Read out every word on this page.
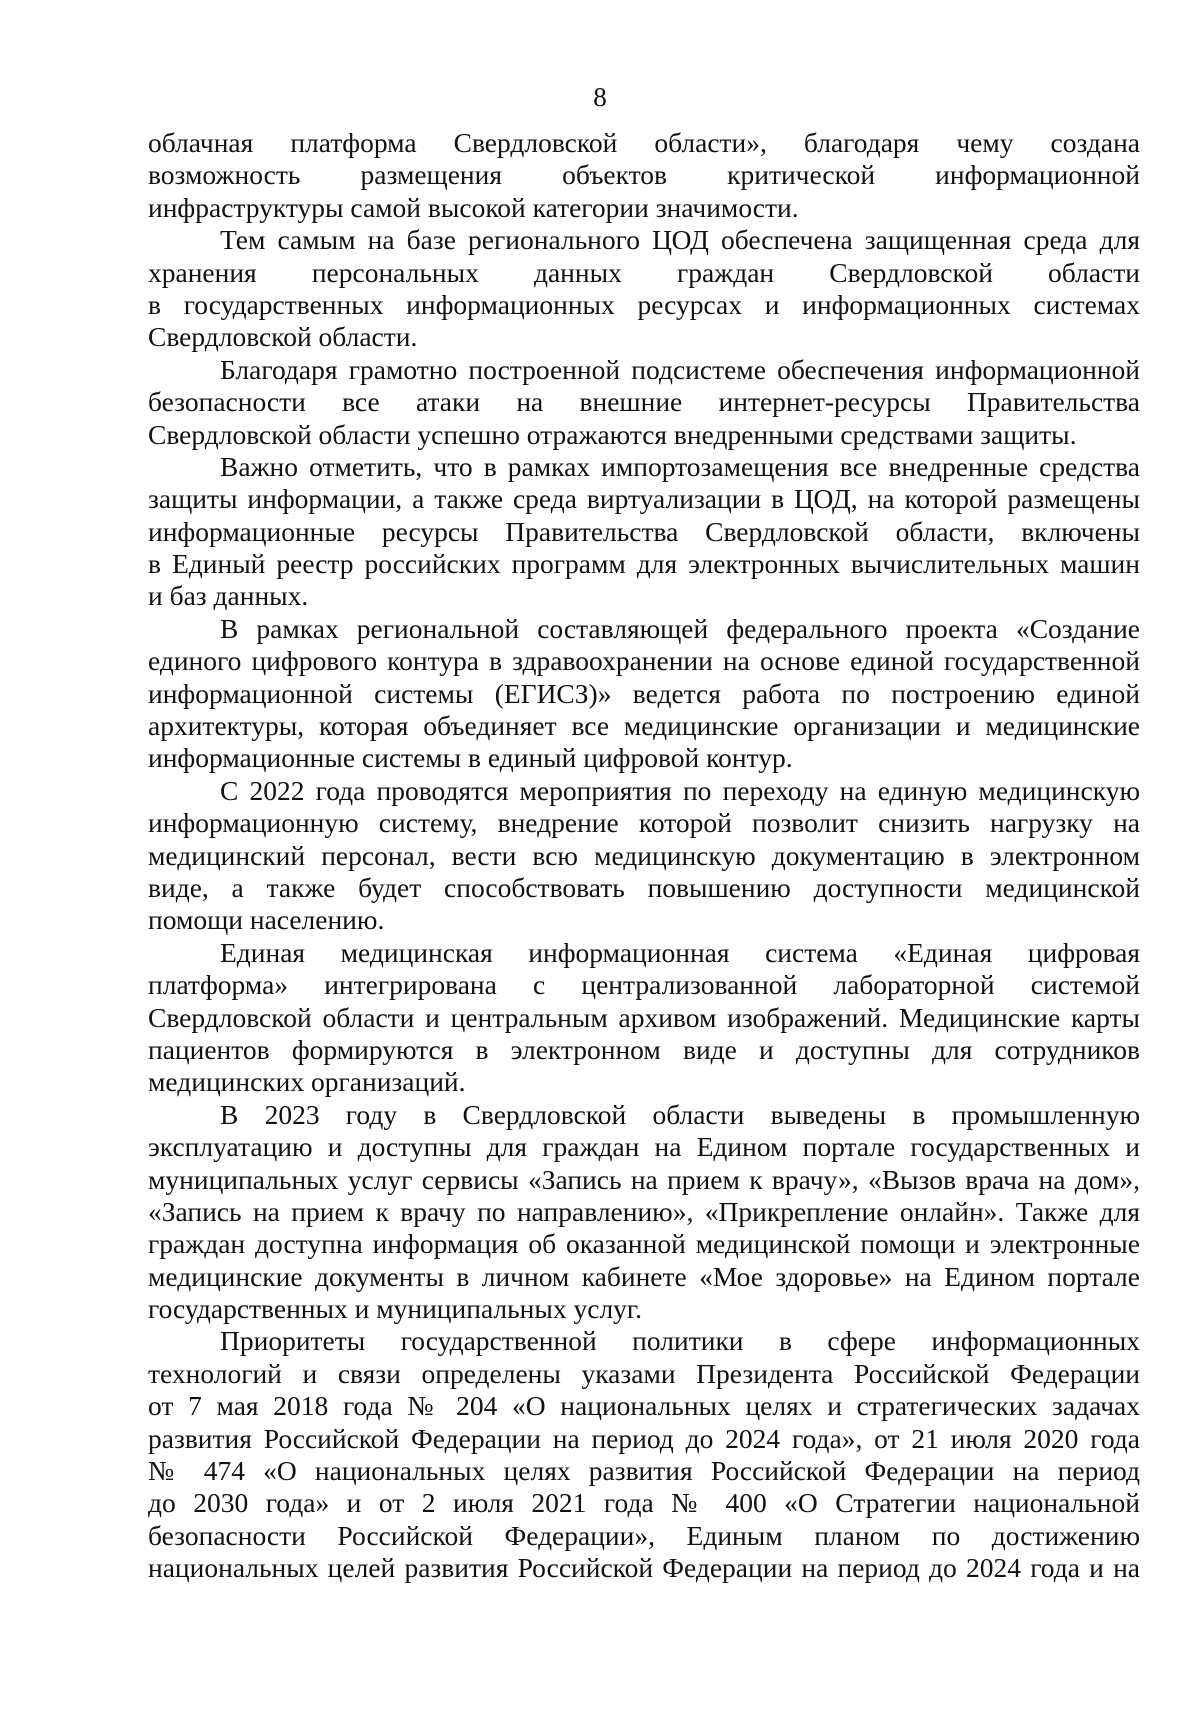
8
облачная платформа Свердловской области», благодаря чему создана
возможность размещения объектов критической информационной
инфраструктуры самой высокой категории значимости.
Тем самым на базе регионального ЦОД обеспечена защищенная среда для
хранения персональных данных граждан Свердловской области
в государственных информационных ресурсах и информационных системах
Свердловской области.
Благодаря грамотно построенной подсистеме обеспечения информационной
безопасности все атаки на внешние интернет-ресурсы Правительства
Свердловской области успешно отражаются внедренными средствами защиты.
Важно отметить, что в рамках импортозамещения все внедренные средства
защиты информации, а также среда виртуализации в ЦОД, на которой размещены
информационные ресурсы Правительства Свердловской области, включены
в Единый реестр российских программ для электронных вычислительных машин
и баз данных.
В рамках региональной составляющей федерального проекта «Создание
единого цифрового контура в здравоохранении на основе единой государственной
информационной системы (ЕГИСЗ)» ведется работа по построению единой
архитектуры, которая объединяет все медицинские организации и медицинские
информационные системы в единый цифровой контур.
С 2022 года проводятся мероприятия по переходу на единую медицинскую
информационную систему, внедрение которой позволит снизить нагрузку на
медицинский персонал, вести всю медицинскую документацию в электронном
виде, а также будет способствовать повышению доступности медицинской
помощи населению.
Единая медицинская информационная система «Единая цифровая
платформа» интегрирована с централизованной лабораторной системой
Свердловской области и центральным архивом изображений. Медицинские карты
пациентов формируются в электронном виде и доступны для сотрудников
медицинских организаций.
В 2023 году в Свердловской области выведены в промышленную
эксплуатацию и доступны для граждан на Едином портале государственных и
муниципальных услуг сервисы «Запись на прием к врачу», «Вызов врача на дом»,
«Запись на прием к врачу по направлению», «Прикрепление онлайн». Также для
граждан доступна информация об оказанной медицинской помощи и электронные
медицинские документы в личном кабинете «Мое здоровье» на Едином портале
государственных и муниципальных услуг.
Приоритеты государственной политики в сфере информационных
технологий и связи определены указами Президента Российской Федерации
от 7 мая 2018 года № 204 «О национальных целях и стратегических задачах
развития Российской Федерации на период до 2024 года», от 21 июля 2020 года
№ 474 «О национальных целях развития Российской Федерации на период
до 2030 года» и от 2 июля 2021 года № 400 «О Стратегии национальной
безопасности Российской Федерации», Единым планом по достижению
национальных целей развития Российской Федерации на период до 2024 года и на
